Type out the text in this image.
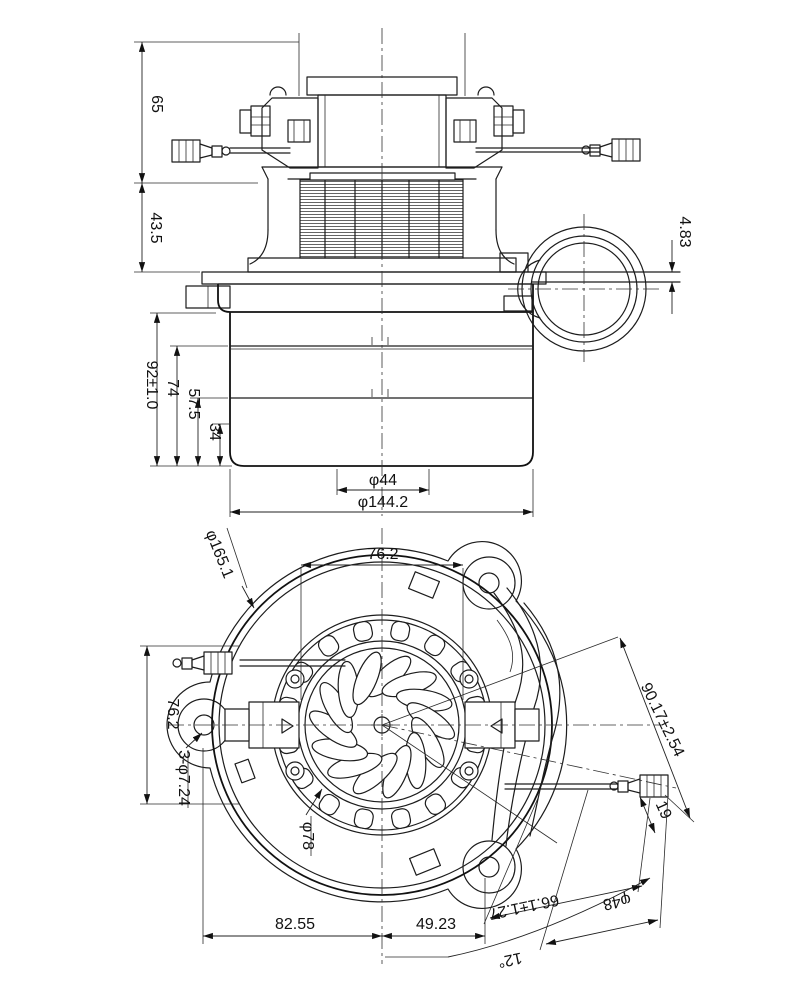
65
43.5
92±1.0 74
57.5
34
φ44
φ144.2
4.83
76.2
φ165.1
76.2
3-φ7.24
φ78
90.17±2.54
19
82.55	49.23
66.1±1.27	φ48
12°
